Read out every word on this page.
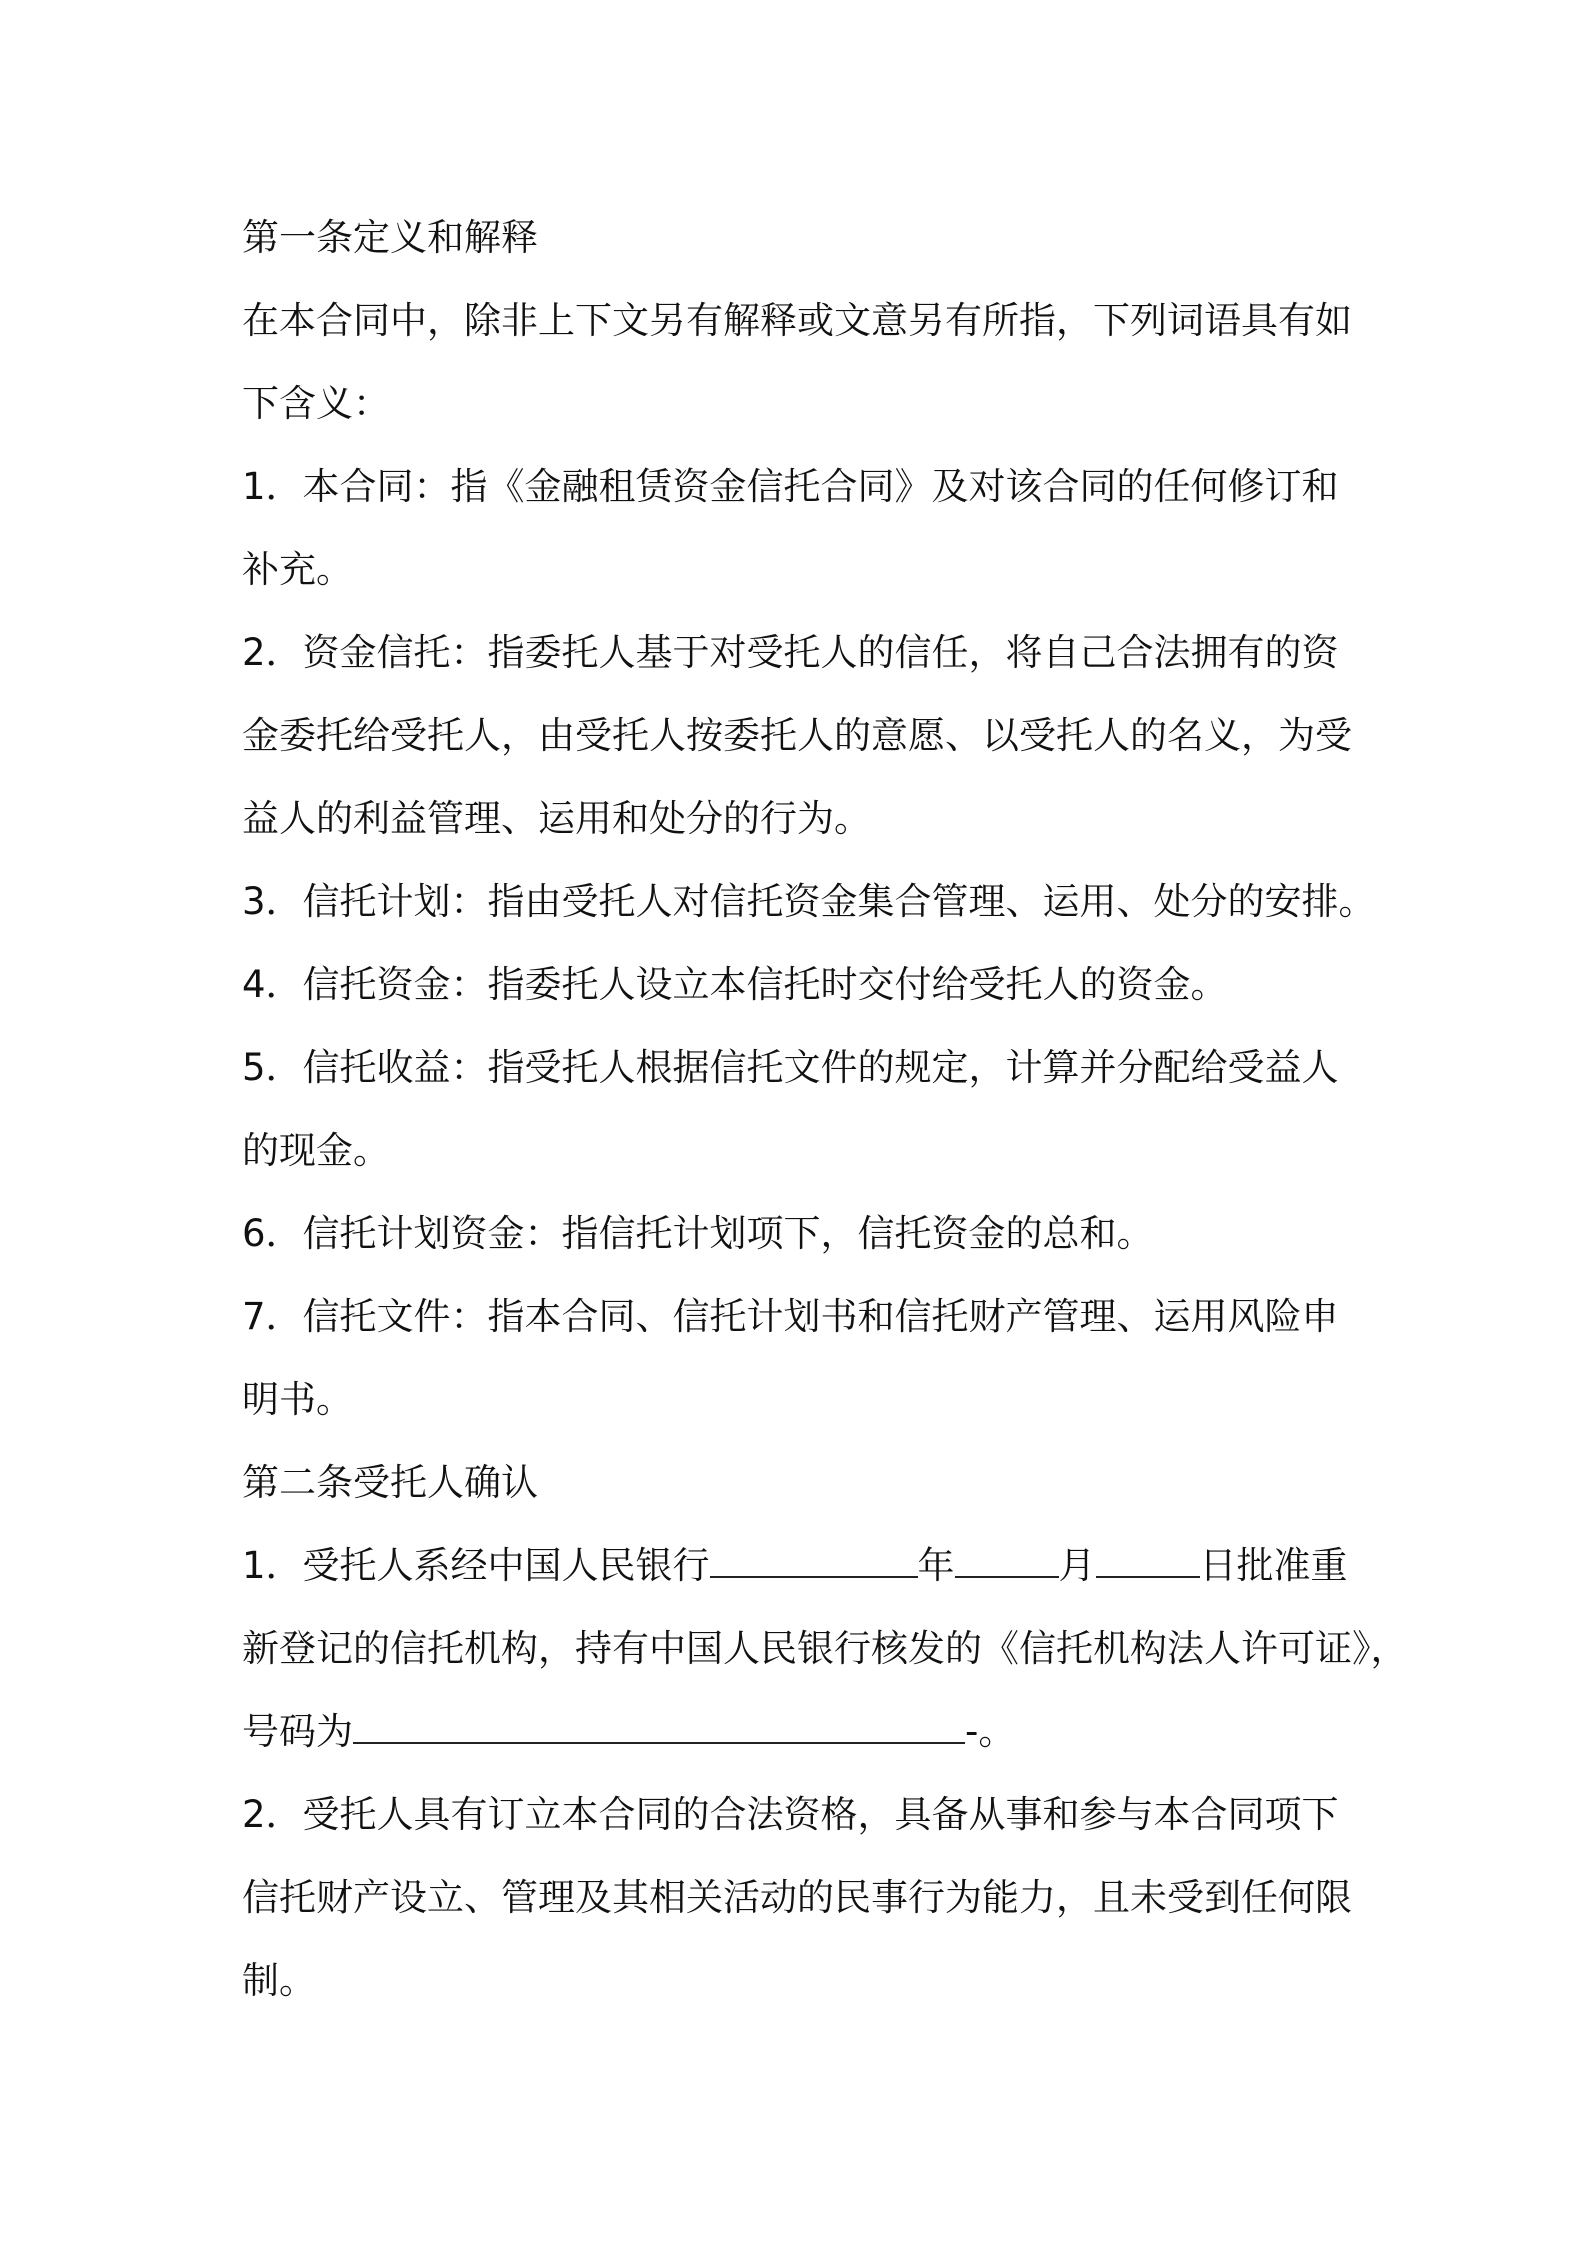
第一条定义和解释
在本合同中，除非上下文另有解释或文意另有所指，下列词语具有如
下含义：
1．本合同：指《金融租赁资金信托合同》及对该合同的任何修订和
补充。
2．资金信托：指委托人基于对受托人的信任，将自己合法拥有的资
金委托给受托人，由受托人按委托人的意愿、以受托人的名义，为受
益人的利益管理、运用和处分的行为。
3．信托计划：指由受托人对信托资金集合管理、运用、处分的安排。
4．信托资金：指委托人设立本信托时交付给受托人的资金。
5．信托收益：指受托人根据信托文件的规定，计算并分配给受益人
的现金。
6．信托计划资金：指信托计划项下，信托资金的总和。
7．信托文件：指本合同、信托计划书和信托财产管理、运用风险申
明书。
第二条受托人确认
1．受托人系经中国人民银行	年	月	日批准重
新登记的信托机构，持有中国人民银行核发的《信托机构法人许可证》，
号码为	-。
2．受托人具有订立本合同的合法资格，具备从事和参与本合同项下
信托财产设立、管理及其相关活动的民事行为能力，且未受到任何限
制。
